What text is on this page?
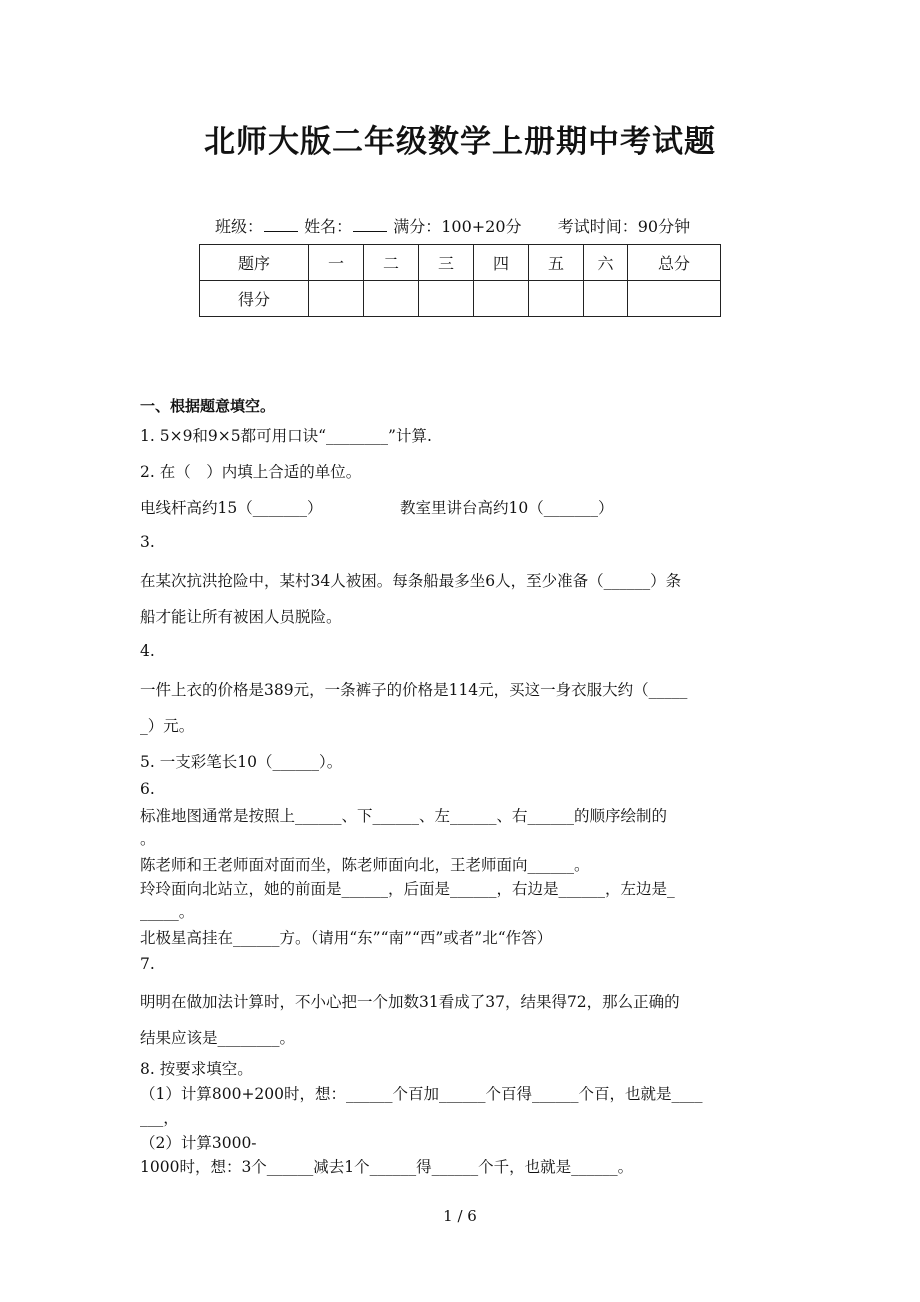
北师大版二年级数学上册期中考试题
班级：	姓名：	满分：100+20分 考试时间：90分钟
题序	一	二	三	四	五	六	总分
得分							
一、根据题意填空。
1. 5×9和9×5都可用口诀“________”计算.
2. 在（　）内填上合适的单位。
电线杆高约15（_______）	教室里讲台高约10（_______）
3.
在某次抗洪抢险中，某村34人被困。每条船最多坐6人，至少准备（______）条
船才能让所有被困人员脱险。
4.
一件上衣的价格是389元，一条裤子的价格是114元，买这一身衣服大约（_____
_）元。
5. 一支彩笔长10（______）。
6.
标准地图通常是按照上______、下______、左______、右______的顺序绘制的
。
陈老师和王老师面对面而坐，陈老师面向北，王老师面向______。
玲玲面向北站立，她的前面是______，后面是______，右边是______，左边是_
_____。
北极星高挂在______方。（请用“东”“南”“西”或者”北“作答）
7.
明明在做加法计算时，不小心把一个加数31看成了37，结果得72，那么正确的
结果应该是________。
8. 按要求填空。
（1）计算800+200时，想：______个百加______个百得______个百，也就是____
___，
（2）计算3000-
1000时，想：3个______减去1个______得______个千，也就是______。
1 / 6
